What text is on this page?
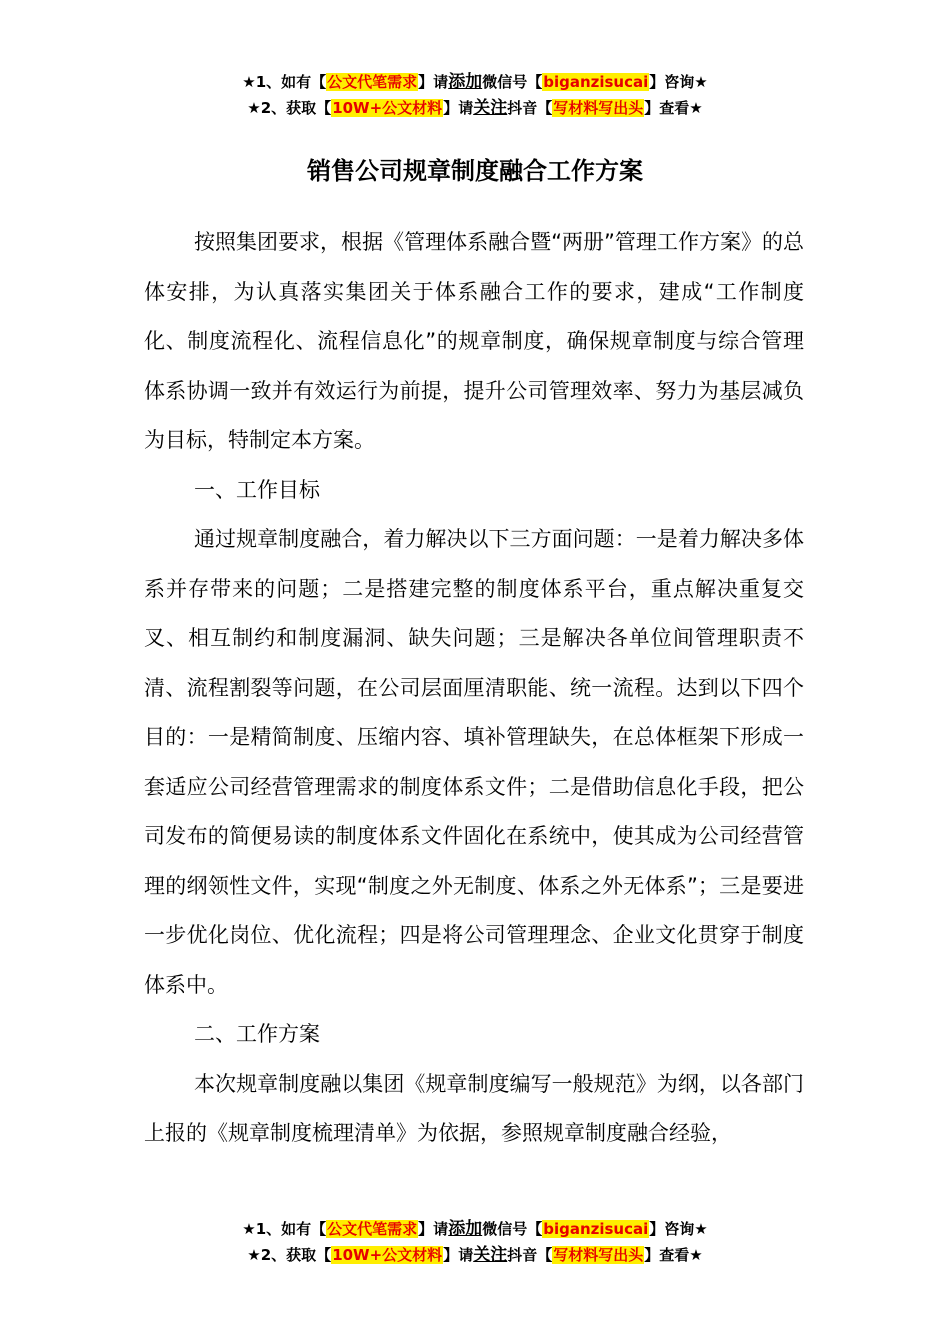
★1、如有【公文代笔需求】请添加微信号【biganzisucai】咨询★
★2、获取【10W+公文材料】请关注抖音【写材料写出头】查看★
销售公司规章制度融合工作方案

按照集团要求，根据《管理体系融合暨“两册”管理工作方案》的总体安排，为认真落实集团关于体系融合工作的要求，建成“工作制度化、制度流程化、流程信息化”的规章制度，确保规章制度与综合管理体系协调一致并有效运行为前提，提升公司管理效率、努力为基层减负为目标，特制定本方案。

一、工作目标

通过规章制度融合，着力解决以下三方面问题：一是着力解决多体系并存带来的问题；二是搭建完整的制度体系平台，重点解决重复交叉、相互制约和制度漏洞、缺失问题；三是解决各单位间管理职责不清、流程割裂等问题，在公司层面厘清职能、统一流程。达到以下四个目的：一是精简制度、压缩内容、填补管理缺失，在总体框架下形成一套适应公司经营管理需求的制度体系文件；二是借助信息化手段，把公司发布的简便易读的制度体系文件固化在系统中，使其成为公司经营管理的纲领性文件，实现“制度之外无制度、体系之外无体系”；三是要进一步优化岗位、优化流程；四是将公司管理理念、企业文化贯穿于制度体系中。

二、工作方案

本次规章制度融以集团《规章制度编写一般规范》为纲，以各部门上报的《规章制度梳理清单》为依据，参照规章制度融合经验，

★1、如有【公文代笔需求】请添加微信号【biganzisucai】咨询★
★2、获取【10W+公文材料】请关注抖音【写材料写出头】查看★
